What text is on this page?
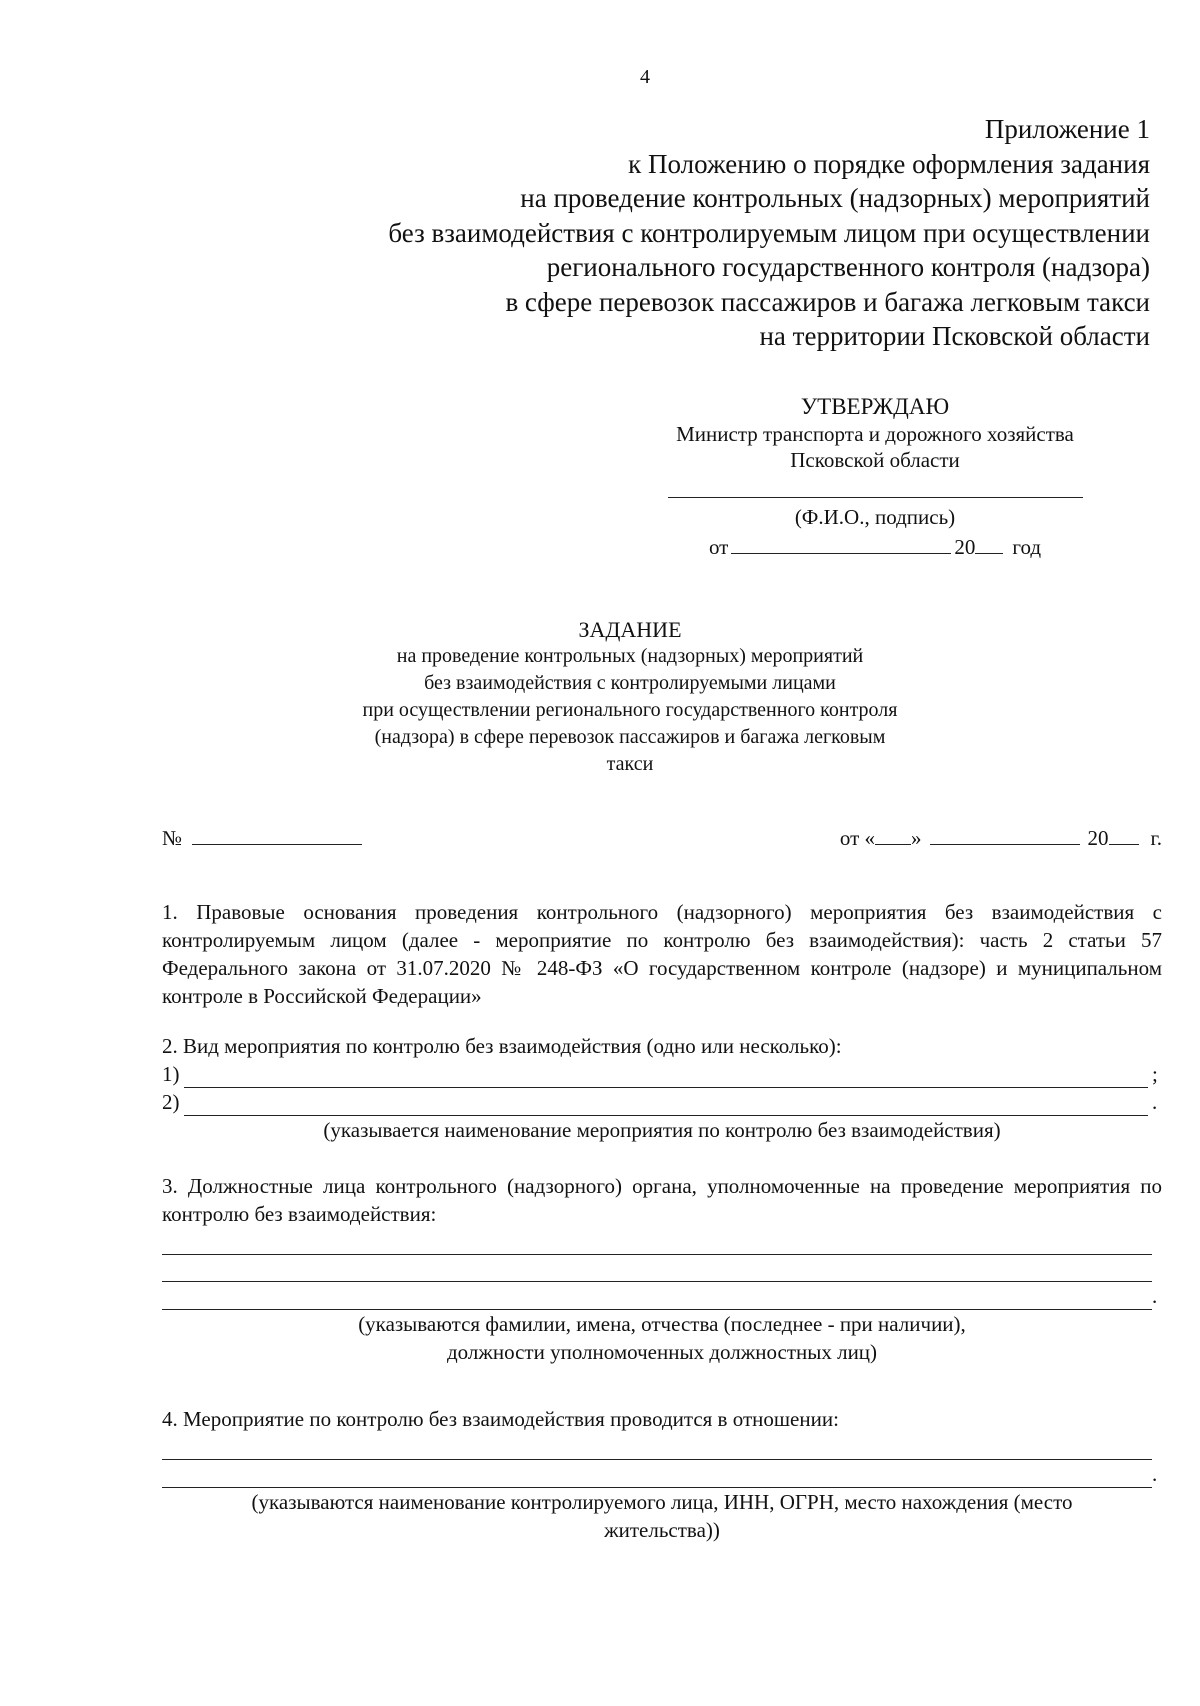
4
Приложение 1
к Положению о порядке оформления задания
на проведение контрольных (надзорных) мероприятий
без взаимодействия с контролируемым лицом при осуществлении
регионального государственного контроля (надзора)
в сфере перевозок пассажиров и багажа легковым такси
на территории Псковской области
УТВЕРЖДАЮ
Министр транспорта и дорожного хозяйства
Псковской области
(Ф.И.О., подпись)
от	20 год
ЗАДАНИЕ
на проведение контрольных (надзорных) мероприятий
без взаимодействия с контролируемыми лицами
при осуществлении регионального государственного контроля
(надзора) в сфере перевозок пассажиров и багажа легковым
такси
№	от « »	20 г.
1. Правовые основания проведения контрольного (надзорного) мероприятия без взаимодействия с контролируемым лицом (далее - мероприятие по контролю без взаимодействия): часть 2 статьи 57 Федерального закона от 31.07.2020 № 248-ФЗ «О государственном контроле (надзоре) и муниципальном контроле в Российской Федерации»
2. Вид мероприятия по контролю без взаимодействия (одно или несколько):
1)	;
2)	.
(указывается наименование мероприятия по контролю без взаимодействия)
3. Должностные лица контрольного (надзорного) органа, уполномоченные на проведение мероприятия по контролю без взаимодействия:
.
(указываются фамилии, имена, отчества (последнее - при наличии),
должности уполномоченных должностных лиц)
4. Мероприятие по контролю без взаимодействия проводится в отношении:
.
(указываются наименование контролируемого лица, ИНН, ОГРН, место нахождения (место
жительства))
